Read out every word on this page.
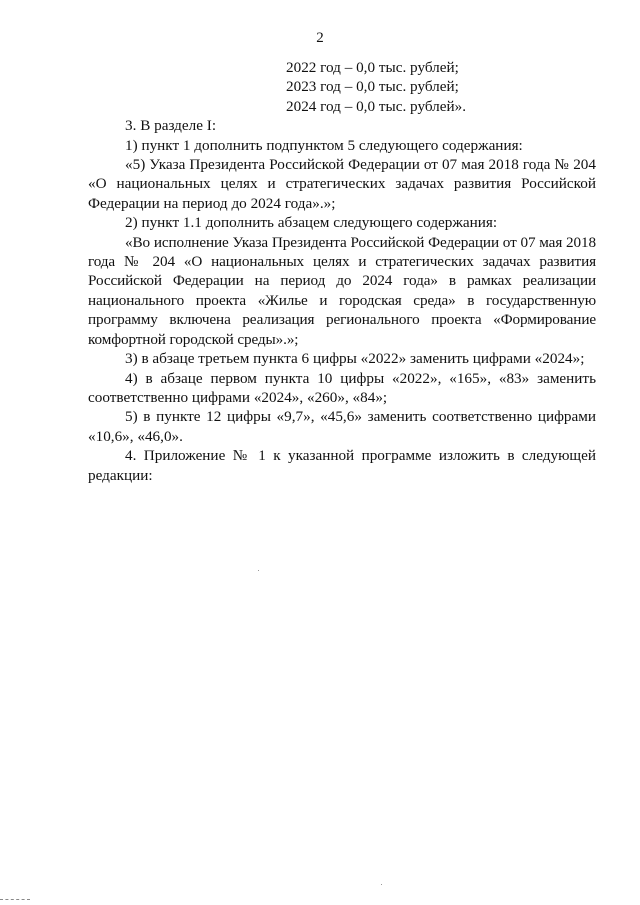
2
2022 год – 0,0 тыс. рублей;
2023 год – 0,0 тыс. рублей;
2024 год – 0,0 тыс. рублей».

3. В разделе I:

1) пункт 1 дополнить подпунктом 5 следующего содержания:

«5) Указа Президента Российской Федерации от 07 мая 2018 года № 204 «О национальных целях и стратегических задачах развития Российской Федерации на период до 2024 года».»;

2) пункт 1.1 дополнить абзацем следующего содержания:

«Во исполнение Указа Президента Российской Федерации от 07 мая 2018 года № 204 «О национальных целях и стратегических задачах развития Российской Федерации на период до 2024 года» в рамках реализации национального проекта «Жилье и городская среда» в государственную программу включена реализация регионального проекта «Формирование комфортной городской среды».»;

3) в абзаце третьем пункта 6 цифры «2022» заменить цифрами «2024»;

4) в абзаце первом пункта 10 цифры «2022», «165», «83» заменить соответственно цифрами «2024», «260», «84»;

5) в пункте 12 цифры «9,7», «45,6» заменить соответственно цифрами «10,6», «46,0».

4. Приложение № 1 к указанной программе изложить в следующей редакции:
